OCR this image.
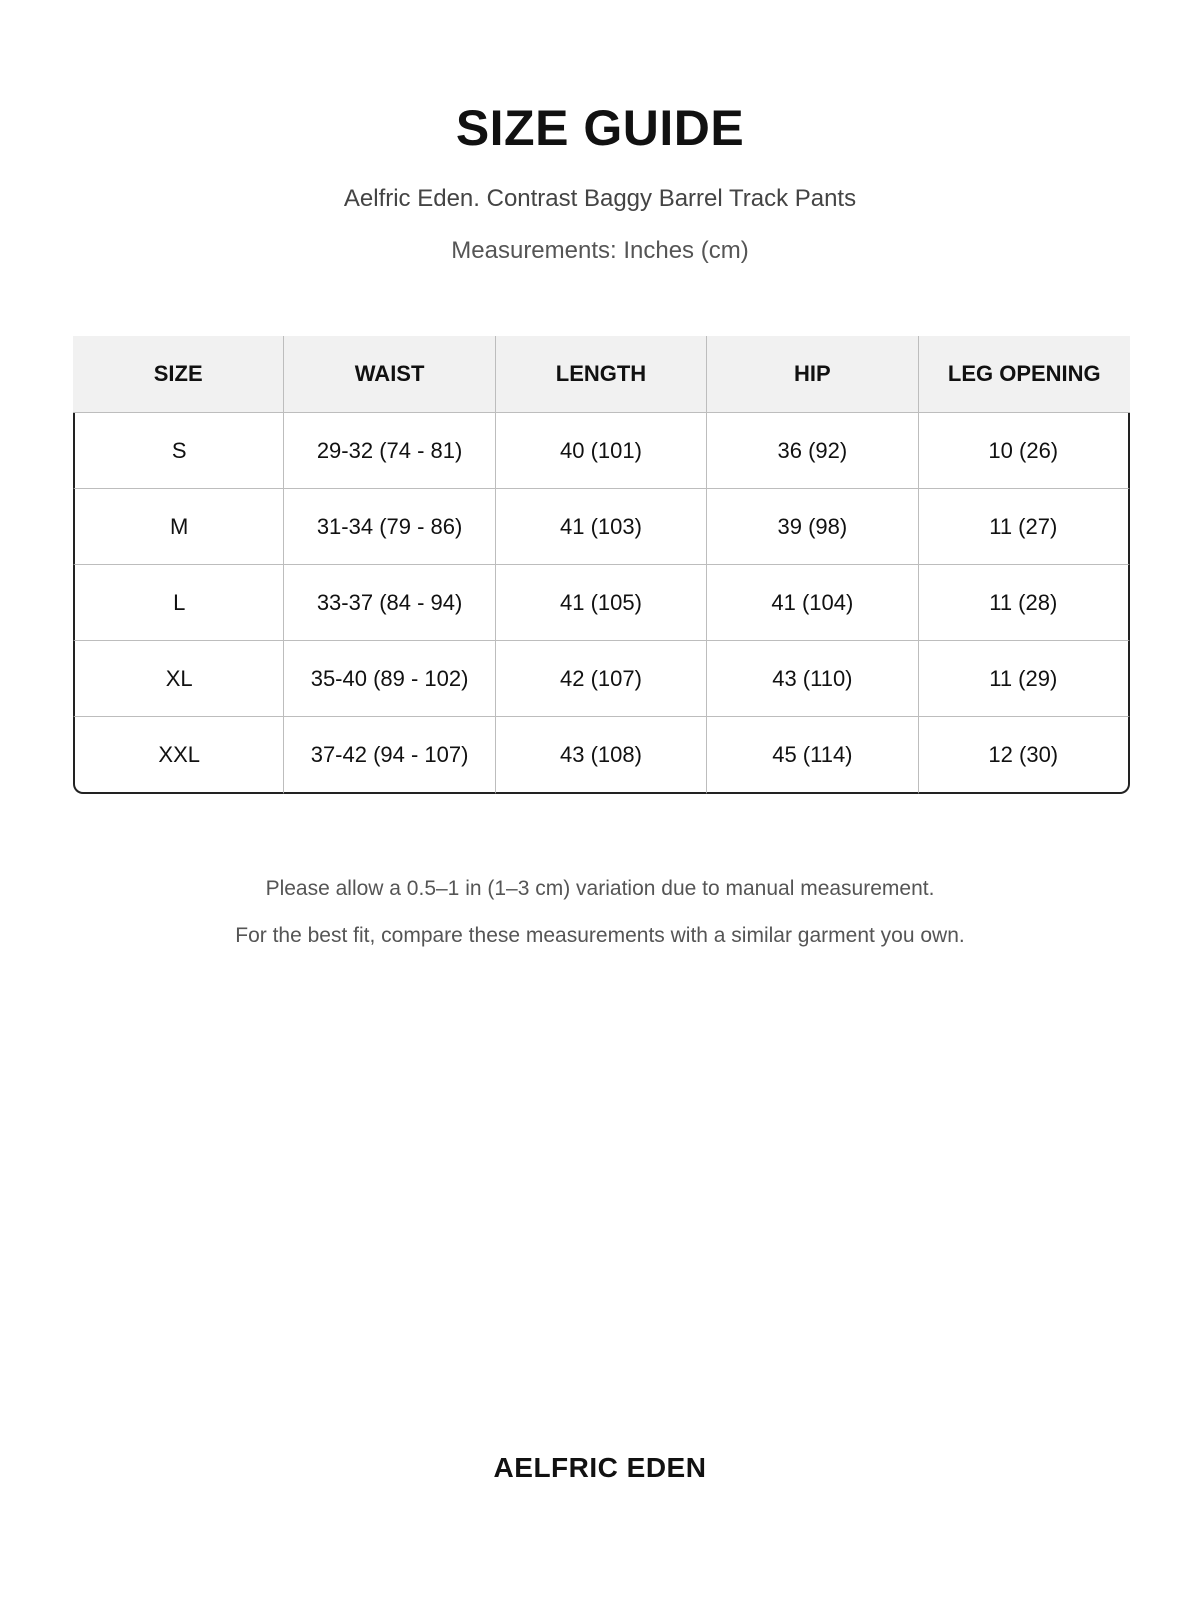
SIZE GUIDE
Aelfric Eden. Contrast Baggy Barrel Track Pants
Measurements: Inches (cm)
SIZE	WAIST	LENGTH	HIP	LEG OPENING
S	29-32 (74 - 81)	40 (101)	36 (92)	10 (26)
M	31-34 (79 - 86)	41 (103)	39 (98)	11 (27)
L	33-37 (84 - 94)	41 (105)	41 (104)	11 (28)
XL	35-40 (89 - 102)	42 (107)	43 (110)	11 (29)
XXL	37-42 (94 - 107)	43 (108)	45 (114)	12 (30)
Please allow a 0.5–1 in (1–3 cm) variation due to manual measurement.
For the best fit, compare these measurements with a similar garment you own.
AELFRIC EDEN
